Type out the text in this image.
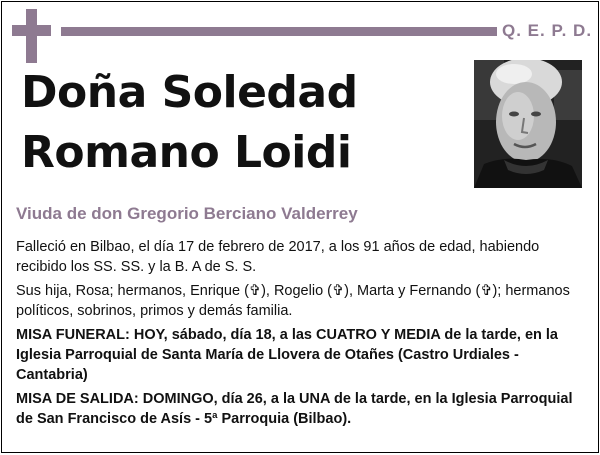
Q. E. P. D.
Doña Soledad
Romano Loidi
Viuda de don Gregorio Berciano Valderrey

Falleció en Bilbao, el día 17 de febrero de 2017, a los 91 años de edad, habiendo recibido los SS. SS. y la B. A de S. S.

Sus hija, Rosa; hermanos, Enrique (✞), Rogelio (✞), Marta y Fernando (✞); hermanos políticos, sobrinos, primos y demás familia.

MISA FUNERAL: HOY, sábado, día 18, a las CUATRO Y MEDIA de la tarde, en la Iglesia Parroquial de Santa María de Llovera de Otañes (Castro Urdiales - Cantabria)

MISA DE SALIDA: DOMINGO, día 26, a la UNA de la tarde, en la Iglesia Parroquial de San Francisco de Asís - 5ª Parroquia (Bilbao).
